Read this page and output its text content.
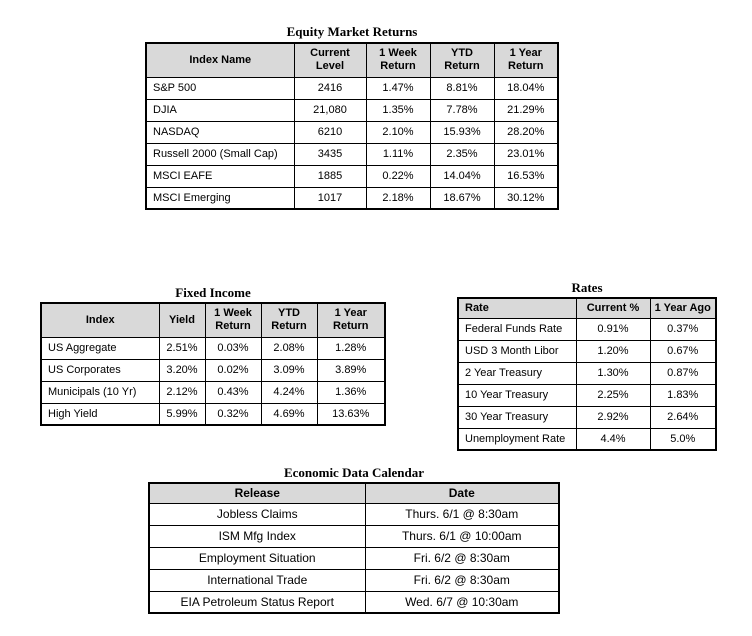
Equity Market Returns

Index Name	Current Level	1 Week Return	YTD Return	1 Year Return
S&P 500	2416	1.47%	8.81%	18.04%
DJIA	21,080	1.35%	7.78%	21.29%
NASDAQ	6210	2.10%	15.93%	28.20%
Russell 2000 (Small Cap)	3435	1.11%	2.35%	23.01%
MSCI EAFE	1885	0.22%	14.04%	16.53%
MSCI Emerging	1017	2.18%	18.67%	30.12%

Fixed Income

Index	Yield	1 Week Return	YTD Return	1 Year Return
US Aggregate	2.51%	0.03%	2.08%	1.28%
US Corporates	3.20%	0.02%	3.09%	3.89%
Municipals (10 Yr)	2.12%	0.43%	4.24%	1.36%
High Yield	5.99%	0.32%	4.69%	13.63%

Rates

Rate	Current %	1 Year Ago
Federal Funds Rate	0.91%	0.37%
USD 3 Month Libor	1.20%	0.67%
2 Year Treasury	1.30%	0.87%
10 Year Treasury	2.25%	1.83%
30 Year Treasury	2.92%	2.64%
Unemployment Rate	4.4%	5.0%

Economic Data Calendar

Release	Date
Jobless Claims	Thurs. 6/1 @ 8:30am
ISM Mfg Index	Thurs. 6/1 @ 10:00am
Employment Situation	Fri. 6/2 @ 8:30am
International Trade	Fri. 6/2 @ 8:30am
EIA Petroleum Status Report	Wed. 6/7 @ 10:30am
